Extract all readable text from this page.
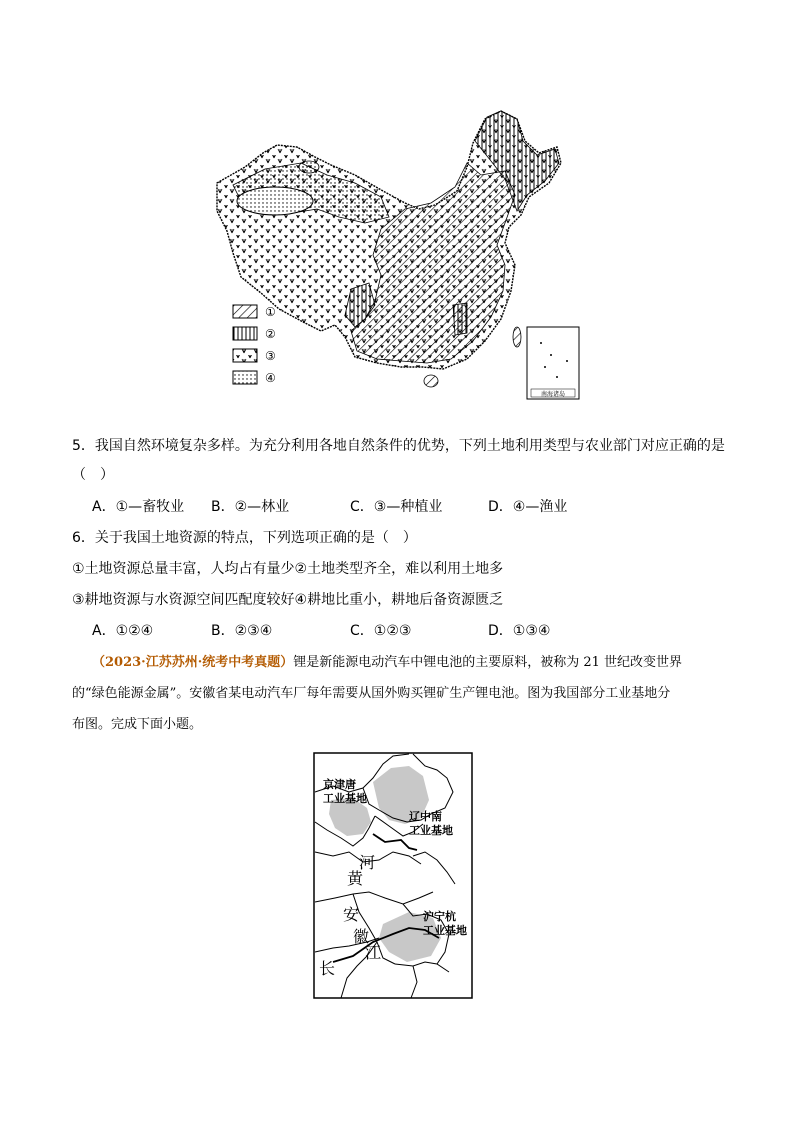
南海诸岛
①
②
③
④
5．我国自然环境复杂多样。为充分利用各地自然条件的优势，下列土地利用类型与农业部门对应正确的是
（　）
A．①—畜牧业 B．②—林业	C．③—种植业	D．④—渔业
6．关于我国土地资源的特点，下列选项正确的是（　）
①土地资源总量丰富，人均占有量少②土地类型齐全，难以利用土地多
③耕地资源与水资源空间匹配度较好④耕地比重小，耕地后备资源匮乏
A．①②④	B．②③④	C．①②③	D．①③④
（2023·江苏苏州·统考中考真题）锂是新能源电动汽车中锂电池的主要原料，被称为 21 世纪改变世界
的“绿色能源金属”。安徽省某电动汽车厂每年需要从国外购买锂矿生产锂电池。图为我国部分工业基地分
布图。完成下面小题。
京津唐
工业基地
辽中南
工业基地
沪宁杭
工业基地
河
黄
安
徽
江
长
